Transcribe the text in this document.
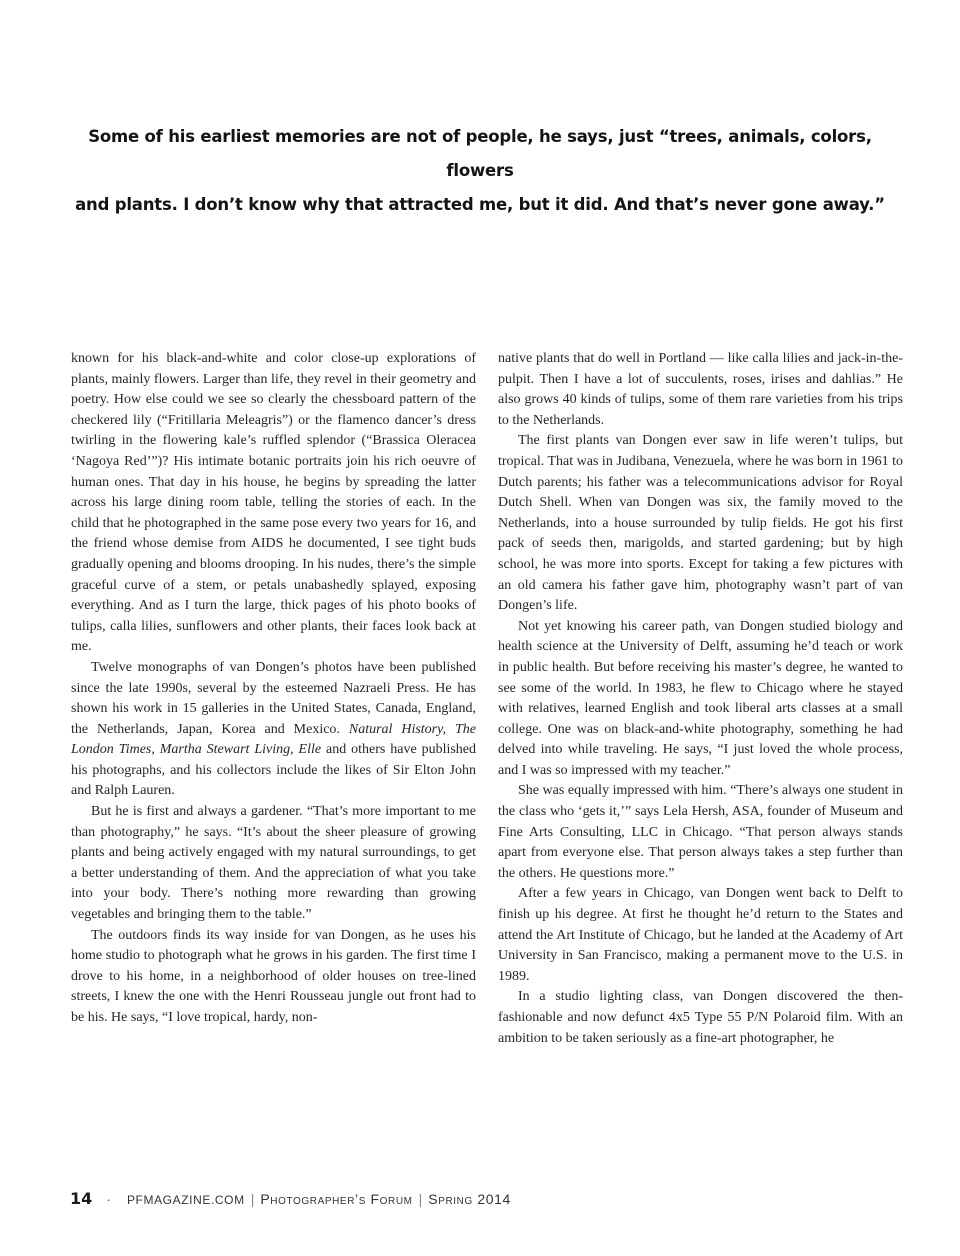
Some of his earliest memories are not of people, he says, just “trees, animals, colors, flowers
and plants. I don’t know why that attracted me, but it did. And that’s never gone away.”

known for his black-and-white and color close-up explorations of plants, mainly flowers. Larger than life, they revel in their geometry and poetry. How else could we see so clearly the chessboard pattern of the checkered lily (“Fritillaria Meleagris”) or the flamenco dancer’s dress twirling in the flowering kale’s ruffled splendor (“Brassica Oleracea ‘Nagoya Red’”)? His intimate botanic portraits join his rich oeuvre of human ones. That day in his house, he begins by spreading the latter across his large dining room table, telling the stories of each. In the child that he photographed in the same pose every two years for 16, and the friend whose demise from AIDS he documented, I see tight buds gradually opening and blooms drooping. In his nudes, there’s the simple graceful curve of a stem, or petals unabashedly splayed, exposing everything. And as I turn the large, thick pages of his photo books of tulips, calla lilies, sunflowers and other plants, their faces look back at me.

Twelve monographs of van Dongen’s photos have been published since the late 1990s, several by the esteemed Nazraeli Press. He has shown his work in 15 galleries in the United States, Canada, England, the Netherlands, Japan, Korea and Mexico. Natural History, The London Times, Martha Stewart Living, Elle and others have published his photographs, and his collectors include the likes of Sir Elton John and Ralph Lauren.

But he is first and always a gardener. “That’s more important to me than photography,” he says. “It’s about the sheer pleasure of growing plants and being actively engaged with my natural surroundings, to get a better understanding of them. And the appreciation of what you take into your body. There’s nothing more rewarding than growing vegetables and bringing them to the table.”

The outdoors finds its way inside for van Dongen, as he uses his home studio to photograph what he grows in his garden. The first time I drove to his home, in a neighborhood of older houses on tree-lined streets, I knew the one with the Henri Rousseau jungle out front had to be his. He says, “I love tropical, hardy, non-

native plants that do well in Portland — like calla lilies and jack-in-the-pulpit. Then I have a lot of succulents, roses, irises and dahlias.” He also grows 40 kinds of tulips, some of them rare varieties from his trips to the Netherlands.

The first plants van Dongen ever saw in life weren’t tulips, but tropical. That was in Judibana, Venezuela, where he was born in 1961 to Dutch parents; his father was a telecommunications advisor for Royal Dutch Shell. When van Dongen was six, the family moved to the Netherlands, into a house surrounded by tulip fields. He got his first pack of seeds then, marigolds, and started gardening; but by high school, he was more into sports. Except for taking a few pictures with an old camera his father gave him, photography wasn’t part of van Dongen’s life.

Not yet knowing his career path, van Dongen studied biology and health science at the University of Delft, assuming he’d teach or work in public health. But before receiving his master’s degree, he wanted to see some of the world. In 1983, he flew to Chicago where he stayed with relatives, learned English and took liberal arts classes at a small college. One was on black-and-white photography, something he had delved into while traveling. He says, “I just loved the whole process, and I was so impressed with my teacher.”

She was equally impressed with him. “There’s always one student in the class who ‘gets it,’” says Lela Hersh, ASA, founder of Museum and Fine Arts Consulting, LLC in Chicago. “That person always stands apart from everyone else. That person always takes a step further than the others. He questions more.”

After a few years in Chicago, van Dongen went back to Delft to finish up his degree. At first he thought he’d return to the States and attend the Art Institute of Chicago, but he landed at the Academy of Art University in San Francisco, making a permanent move to the U.S. in 1989.

In a studio lighting class, van Dongen discovered the then-fashionable and now defunct 4x5 Type 55 P/N Polaroid film. With an ambition to be taken seriously as a fine-art photographer, he

14 · PFMAGAZINE.COM | Photographer’s Forum | Spring 2014
